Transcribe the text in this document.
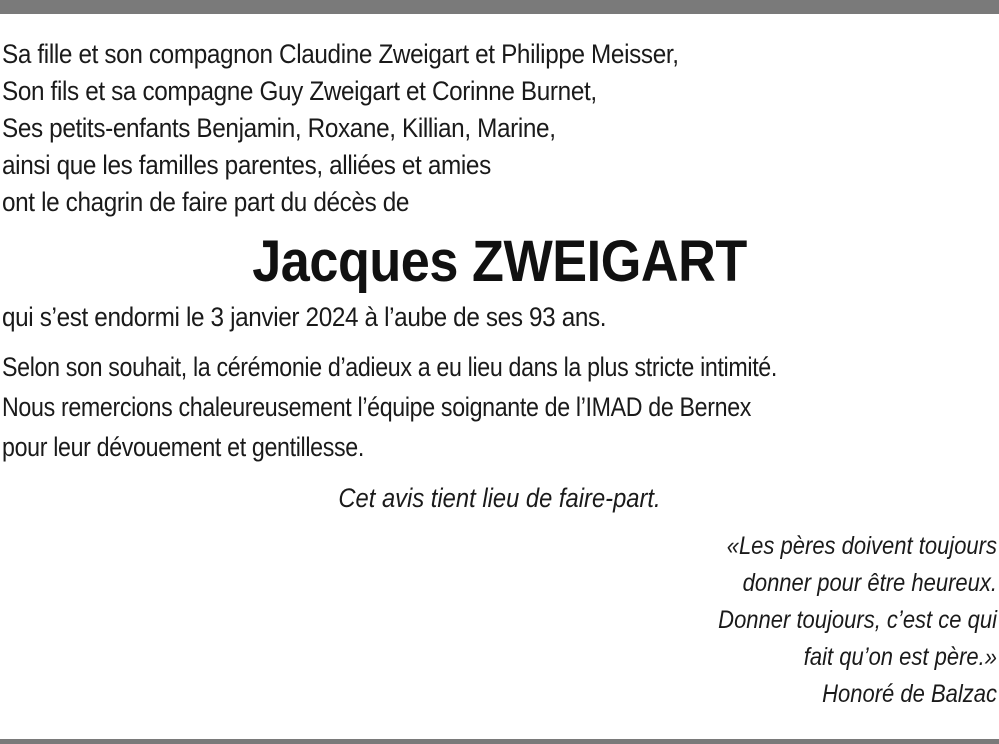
Sa fille et son compagnon Claudine Zweigart et Philippe Meisser,
Son fils et sa compagne Guy Zweigart et Corinne Burnet,
Ses petits-enfants Benjamin, Roxane, Killian, Marine,
ainsi que les familles parentes, alliées et amies
ont le chagrin de faire part du décès de
Jacques ZWEIGART
qui s’est endormi le 3 janvier 2024 à l’aube de ses 93 ans.
Selon son souhait, la cérémonie d’adieux a eu lieu dans la plus stricte intimité.
Nous remercions chaleureusement l’équipe soignante de l’IMAD de Bernex
pour leur dévouement et gentillesse.
Cet avis tient lieu de faire-part.
«Les pères doivent toujours
donner pour être heureux.
Donner toujours, c’est ce qui
fait qu’on est père.»
Honoré de Balzac
